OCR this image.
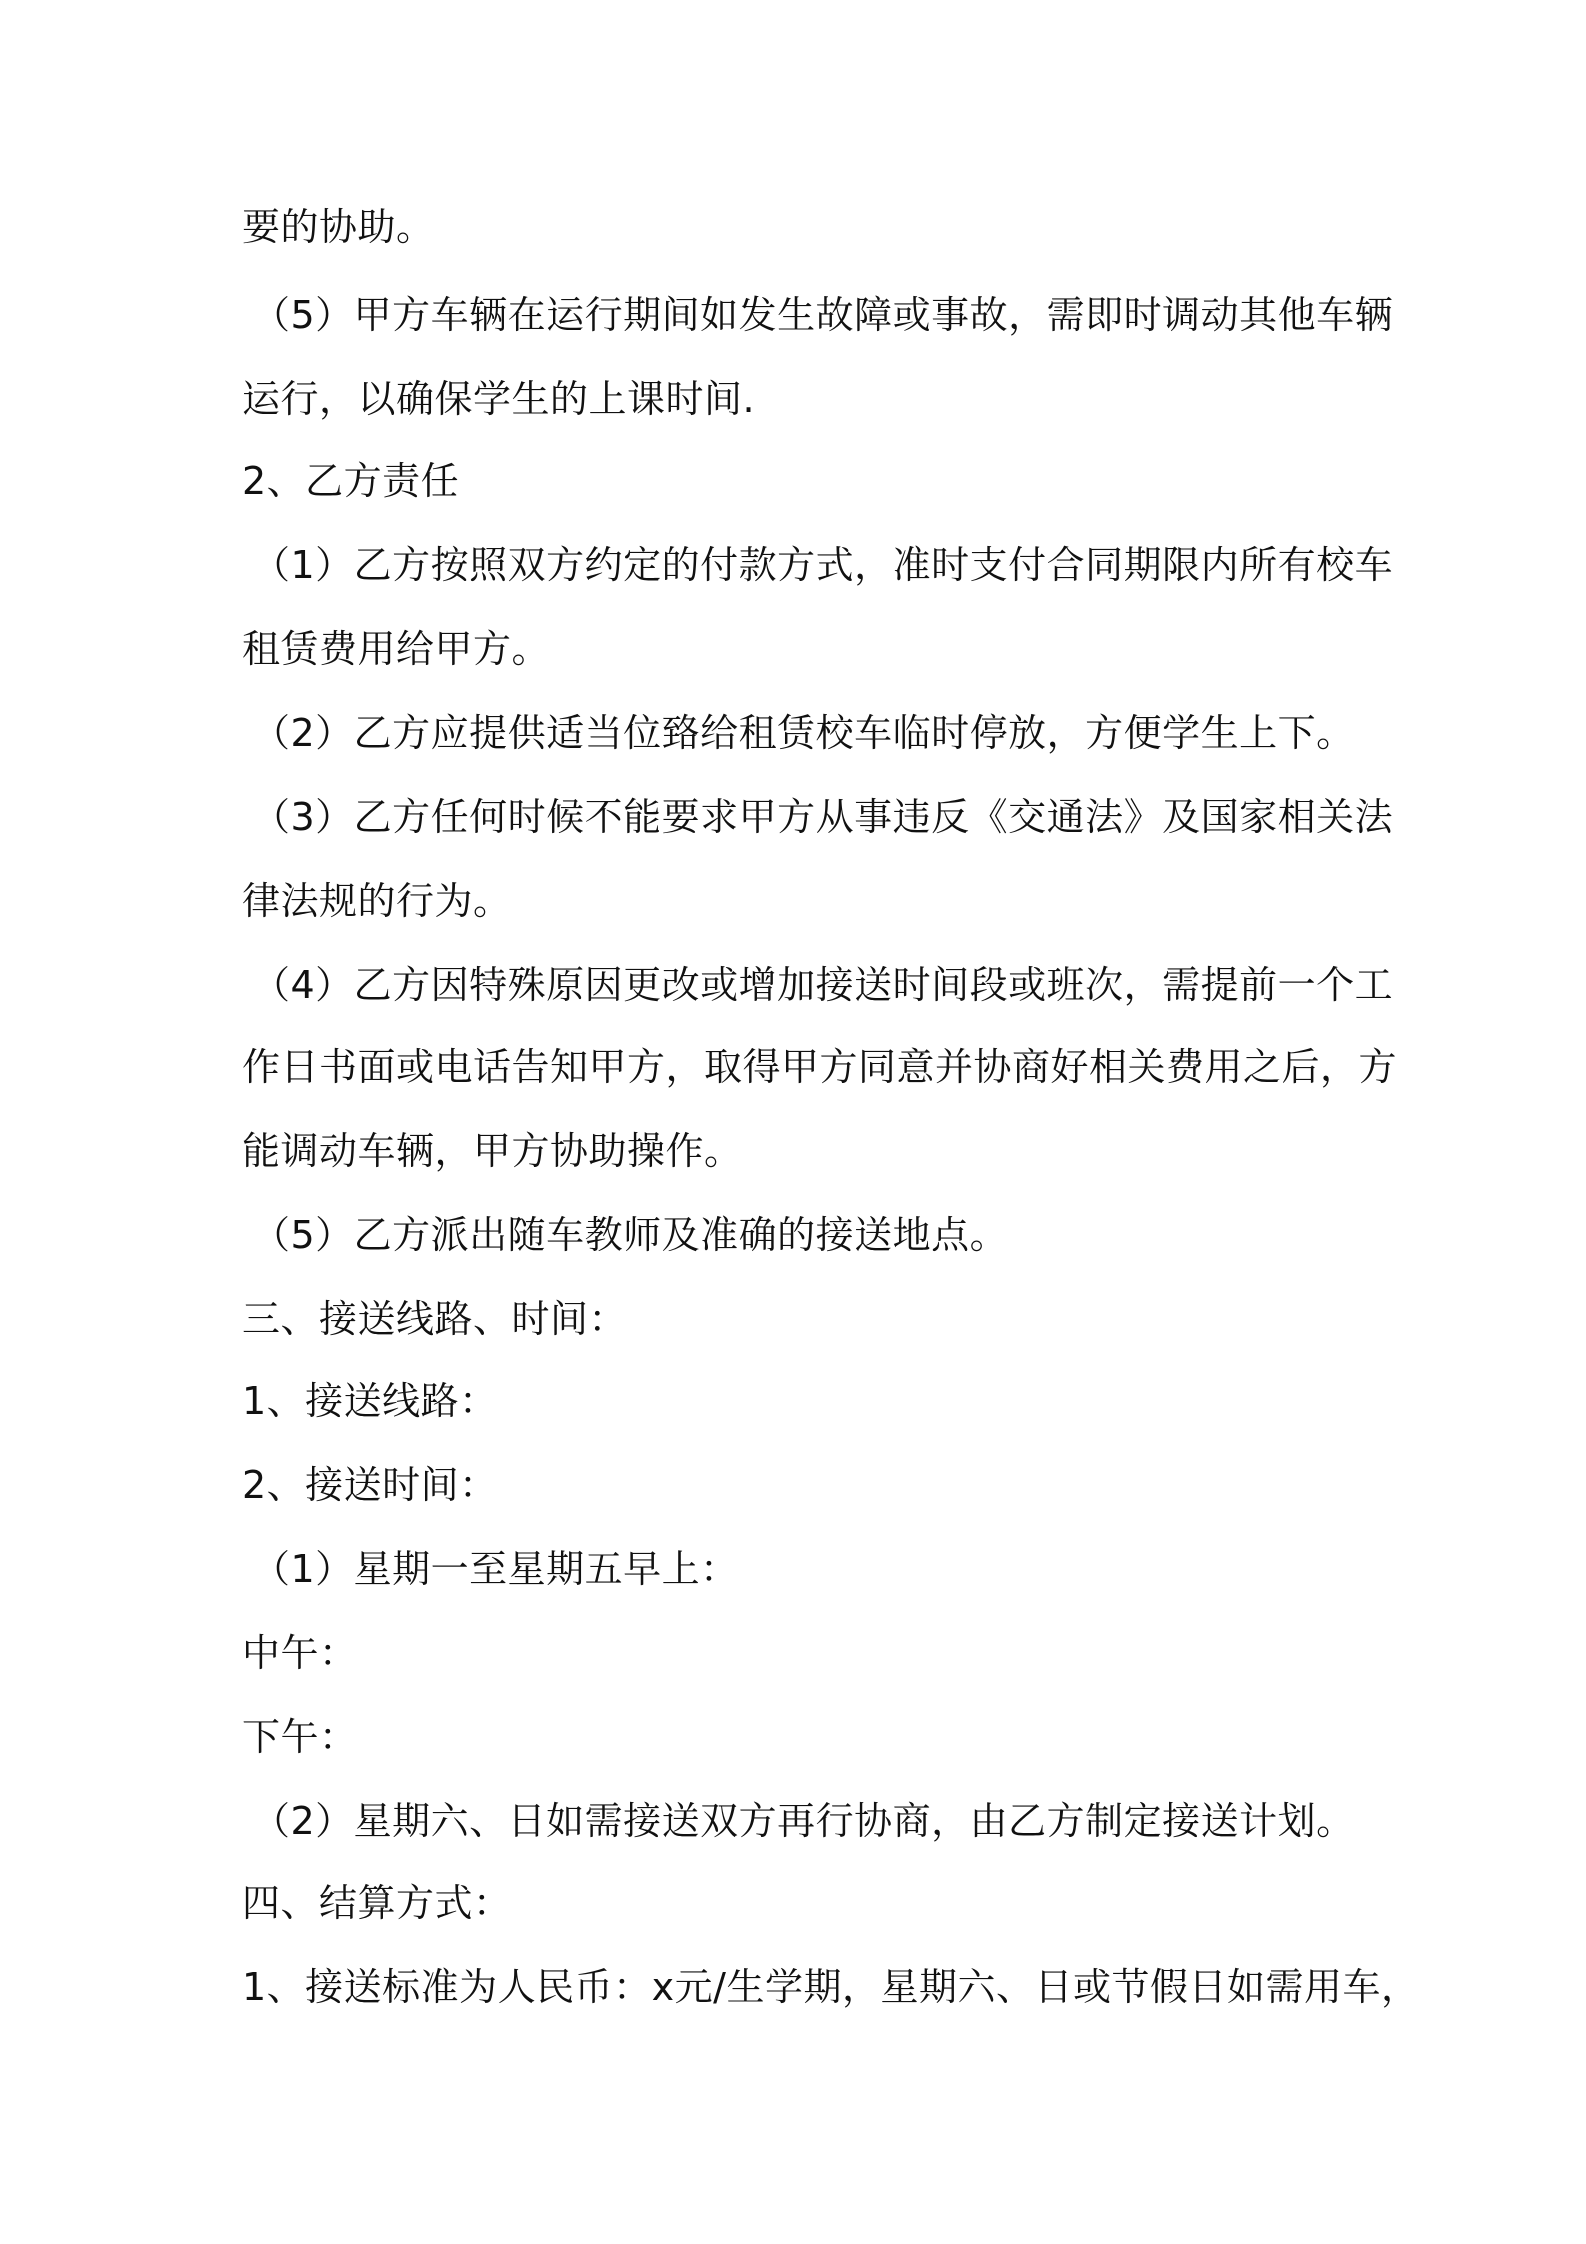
要的协助。
（5）甲方车辆在运行期间如发生故障或事故，需即时调动其他车辆
运行，以确保学生的上课时间.
2、乙方责任
（1）乙方按照双方约定的付款方式，准时支付合同期限内所有校车
租赁费用给甲方。
（2）乙方应提供适当位臵给租赁校车临时停放，方便学生上下。
（3）乙方任何时候不能要求甲方从事违反《交通法》及国家相关法
律法规的行为。
（4）乙方因特殊原因更改或增加接送时间段或班次，需提前一个工
作日书面或电话告知甲方，取得甲方同意并协商好相关费用之后，方
能调动车辆，甲方协助操作。
（5）乙方派出随车教师及准确的接送地点。
三、接送线路、时间：
1、接送线路：
2、接送时间：
（1）星期一至星期五早上：
中午：
下午：
（2）星期六、日如需接送双方再行协商，由乙方制定接送计划。
四、结算方式：
1、接送标准为人民币：x元/生学期，星期六、日或节假日如需用车，
